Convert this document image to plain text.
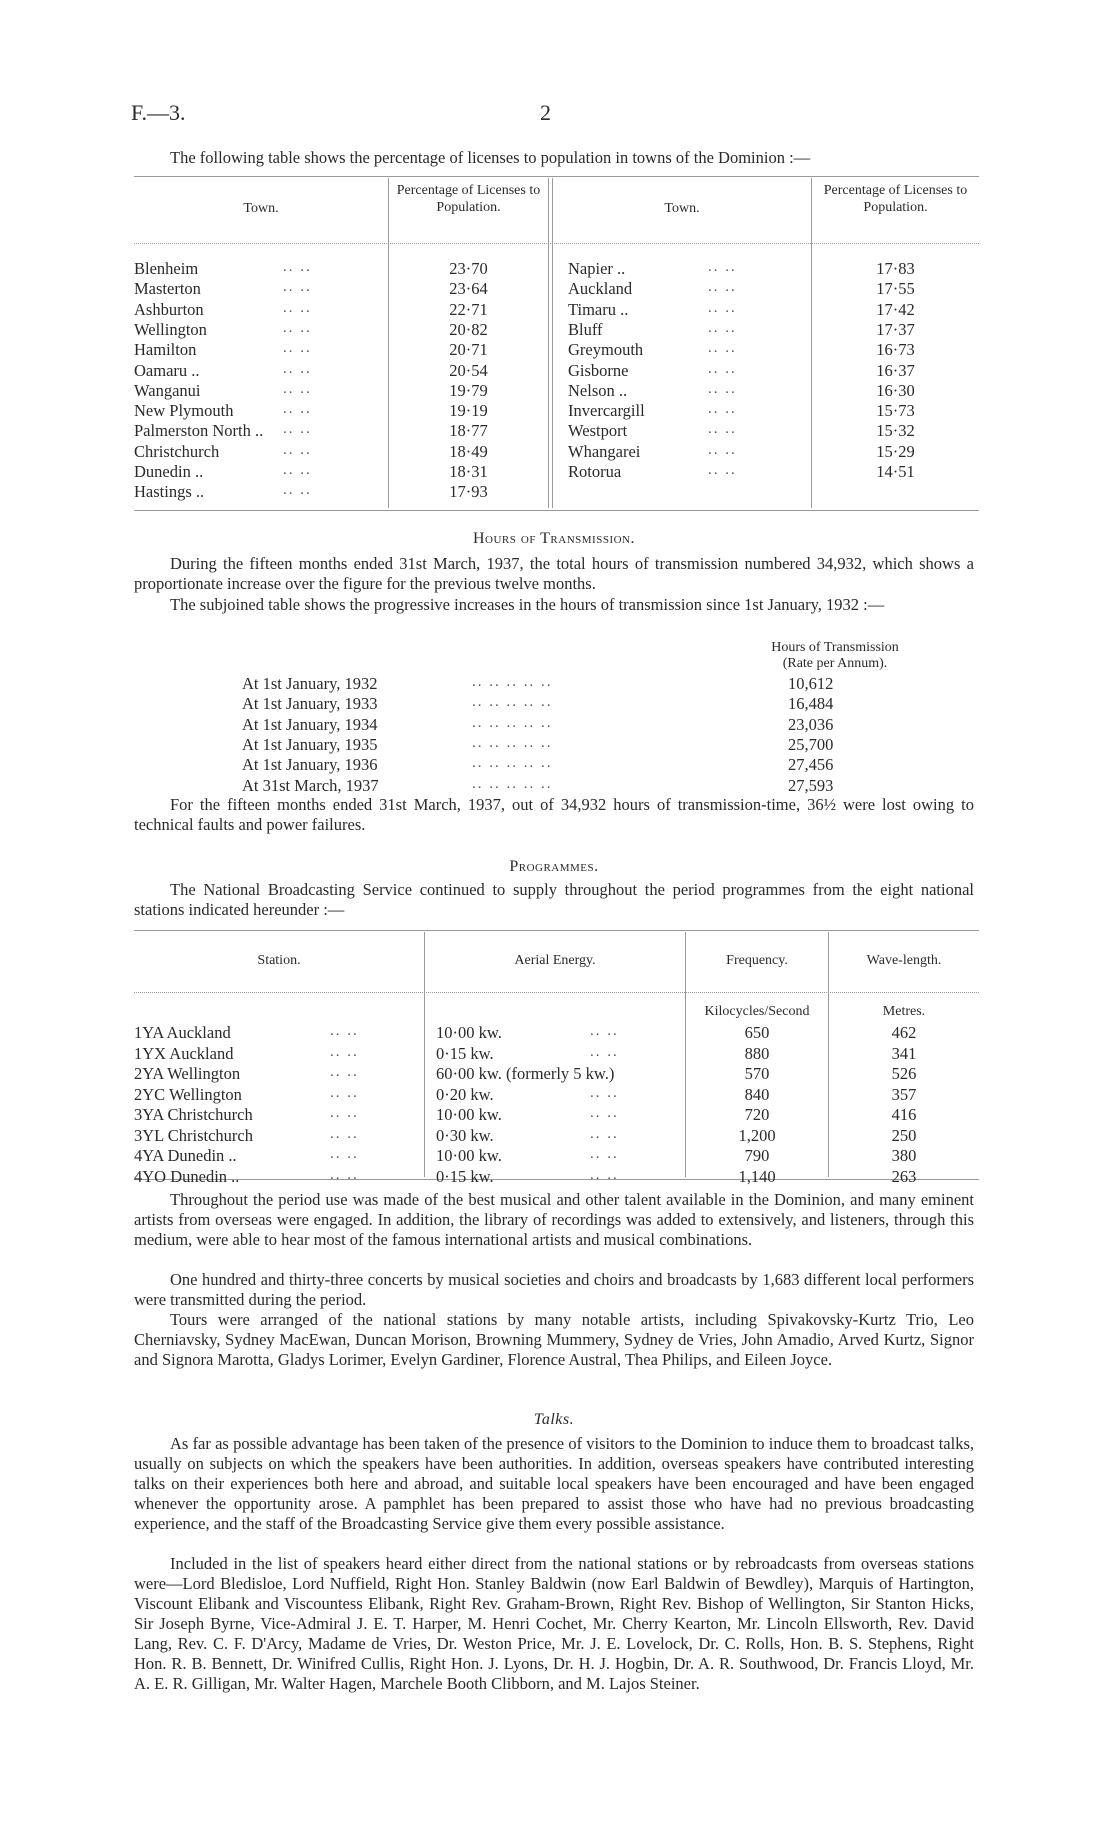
F.—3.	2
The following table shows the percentage of licenses to population in towns of the Dominion :—
Town.
Percentage of Licenses to Population.	Town.
Percentage of Licenses to Population.
Blenheim	.. ..	23·70
Masterton	.. ..	23·64
Ashburton	.. ..	22·71
Wellington	.. ..	20·82
Hamilton	.. ..	20·71
Oamaru ..	.. ..	20·54
Wanganui	.. ..	19·79
New Plymouth	.. ..	19·19
Palmerston North .. .. ..	18·77
Christchurch	.. ..	18·49
Dunedin ..	.. ..	18·31
Hastings ..	.. ..	17·93
Napier ..	.. ..	17·83
Auckland	.. ..	17·55
Timaru ..	.. ..	17·42
Bluff	.. ..	17·37
Greymouth	.. ..	16·73
Gisborne	.. ..	16·37
Nelson ..	.. ..	16·30
Invercargill	.. ..	15·73
Westport	.. ..	15·32
Whangarei	.. ..	15·29
Rotorua	.. ..	14·51
Hours of Transmission.
During the fifteen months ended 31st March, 1937, the total hours of transmission numbered 34,932, which shows a proportionate increase over the figure for the previous twelve months.
The subjoined table shows the progressive increases in the hours of transmission since 1st January, 1932 :—
Hours of Transmission
(Rate per Annum).
At 1st January, 1932	.. .. .. .. ..	10,612
At 1st January, 1933	.. .. .. .. ..	16,484
At 1st January, 1934	.. .. .. .. ..	23,036
At 1st January, 1935	.. .. .. .. ..	25,700
At 1st January, 1936	.. .. .. .. ..	27,456
At 31st March, 1937	.. .. .. .. ..	27,593
For the fifteen months ended 31st March, 1937, out of 34,932 hours of transmission-time, 36½ were lost owing to technical faults and power failures.
Programmes.
The National Broadcasting Service continued to supply throughout the period programmes from the eight national stations indicated hereunder :—
Station.	Aerial Energy.	Frequency.	Wave-length.
Kilocycles/Second	Metres.
1YA Auckland	.. ..	10·00 kw.	.. ..	650	462
1YX Auckland	.. ..	0·15 kw.	.. ..	880	341
2YA Wellington	.. ..	60·00 kw. (formerly 5 kw.)	570	526
2YC Wellington	.. ..	0·20 kw.	.. ..	840	357
3YA Christchurch	.. ..	10·00 kw.	.. ..	720	416
3YL Christchurch	.. ..	0·30 kw.	.. ..	1,200	250
4YA Dunedin ..	.. ..	10·00 kw.	.. ..	790	380
4YO Dunedin ..	.. ..	0·15 kw.	.. ..	1,140	263
Throughout the period use was made of the best musical and other talent available in the Dominion, and many eminent artists from overseas were engaged. In addition, the library of recordings was added to extensively, and listeners, through this medium, were able to hear most of the famous international artists and musical combinations.
One hundred and thirty-three concerts by musical societies and choirs and broadcasts by 1,683 different local performers were transmitted during the period.
Tours were arranged of the national stations by many notable artists, including Spivakovsky-Kurtz Trio, Leo Cherniavsky, Sydney MacEwan, Duncan Morison, Browning Mummery, Sydney de Vries, John Amadio, Arved Kurtz, Signor and Signora Marotta, Gladys Lorimer, Evelyn Gardiner, Florence Austral, Thea Philips, and Eileen Joyce.
Talks.
As far as possible advantage has been taken of the presence of visitors to the Dominion to induce them to broadcast talks, usually on subjects on which the speakers have been authorities. In addition, overseas speakers have contributed interesting talks on their experiences both here and abroad, and suitable local speakers have been encouraged and have been engaged whenever the opportunity arose. A pamphlet has been prepared to assist those who have had no previous broadcasting experience, and the staff of the Broadcasting Service give them every possible assistance.
Included in the list of speakers heard either direct from the national stations or by rebroadcasts from overseas stations were—Lord Bledisloe, Lord Nuffield, Right Hon. Stanley Baldwin (now Earl Baldwin of Bewdley), Marquis of Hartington, Viscount Elibank and Viscountess Elibank, Right Rev. Graham-Brown, Right Rev. Bishop of Wellington, Sir Stanton Hicks, Sir Joseph Byrne, Vice-Admiral J. E. T. Harper, M. Henri Cochet, Mr. Cherry Kearton, Mr. Lincoln Ellsworth, Rev. David Lang, Rev. C. F. D'Arcy, Madame de Vries, Dr. Weston Price, Mr. J. E. Lovelock, Dr. C. Rolls, Hon. B. S. Stephens, Right Hon. R. B. Bennett, Dr. Winifred Cullis, Right Hon. J. Lyons, Dr. H. J. Hogbin, Dr. A. R. Southwood, Dr. Francis Lloyd, Mr. A. E. R. Gilligan, Mr. Walter Hagen, Marchele Booth Clibborn, and M. Lajos Steiner.
